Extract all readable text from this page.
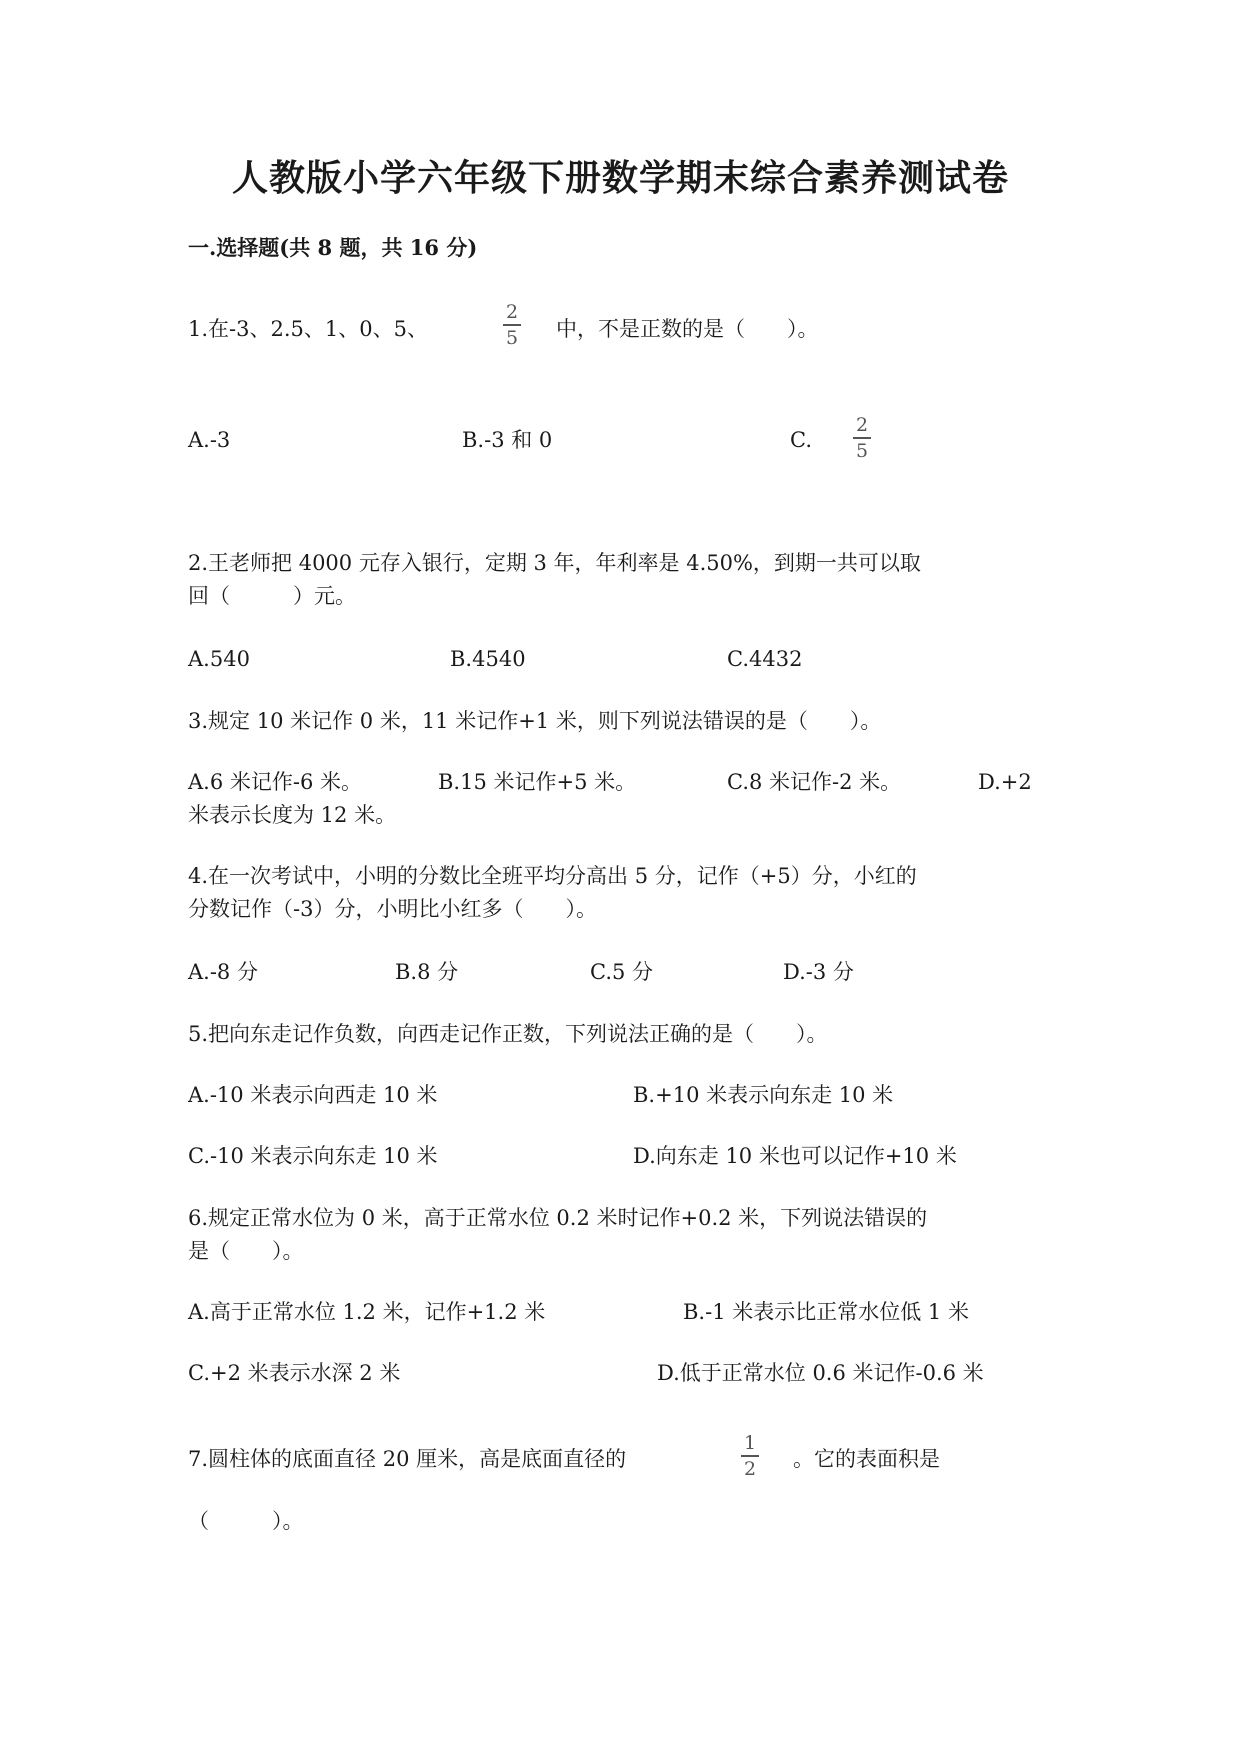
人教版小学六年级下册数学期末综合素养测试卷
一.选择题(共 8 题，共 16 分)
1.在-3、2.5、1、0、5、
2
5 中，不是正数的是（　　）。
A.-3	B.-3 和 0	C.
2
5
2.王老师把 4000 元存入银行，定期 3 年，年利率是 4.50%，到期一共可以取
回（　　　）元。
A.540	B.4540	C.4432
3.规定 10 米记作 0 米，11 米记作+1 米，则下列说法错误的是（　　）。
A.6 米记作-6 米。	B.15 米记作+5 米。	C.8 米记作-2 米。	D.+2
米表示长度为 12 米。
4.在一次考试中，小明的分数比全班平均分高出 5 分，记作（+5）分，小红的
分数记作（-3）分，小明比小红多（　　）。
A.-8 分	B.8 分	C.5 分	D.-3 分
5.把向东走记作负数，向西走记作正数，下列说法正确的是（　　）。
A.-10 米表示向西走 10 米	B.+10 米表示向东走 10 米
C.-10 米表示向东走 10 米	D.向东走 10 米也可以记作+10 米
6.规定正常水位为 0 米，高于正常水位 0.2 米时记作+0.2 米，下列说法错误的
是（　　）。
A.高于正常水位 1.2 米，记作+1.2 米	B.-1 米表示比正常水位低 1 米
C.+2 米表示水深 2 米	D.低于正常水位 0.6 米记作-0.6 米
7.圆柱体的底面直径 20 厘米，高是底面直径的
1
2 。它的表面积是
（　　　）。
